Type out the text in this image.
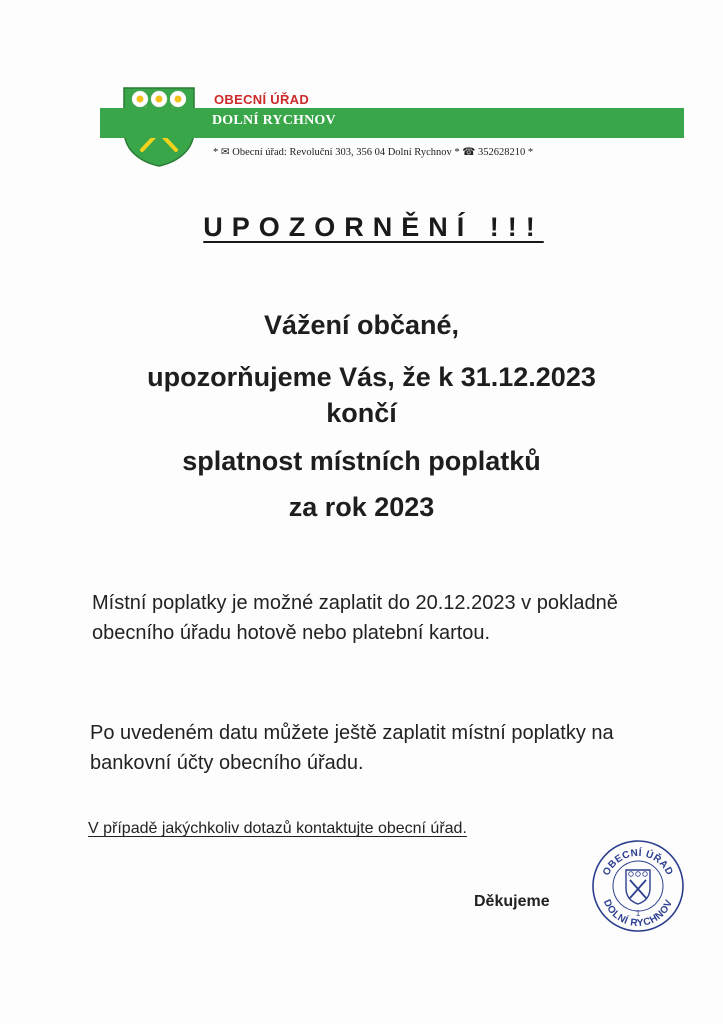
OBECNÍ ÚŘAD
DOLNÍ RYCHNOV
* ✉ Obecní úřad: Revoluční 303, 356 04 Dolní Rychnov * ☎ 352628210 *
UPOZORNĚNÍ !!!
Vážení občané,
upozorňujeme Vás, že k 31.12.2023
končí
splatnost místních poplatků
za rok 2023
Místní poplatky je možné zaplatit do 20.12.2023 v pokladně obecního úřadu hotově nebo platební kartou.
Po uvedeném datu můžete ještě zaplatit místní poplatky na bankovní účty obecního úřadu.
V případě jakýchkoliv dotazů kontaktujte obecní úřad.
Děkujeme
OBECNÍ ÚŘAD
DOLNÍ RYCHNOV
1
